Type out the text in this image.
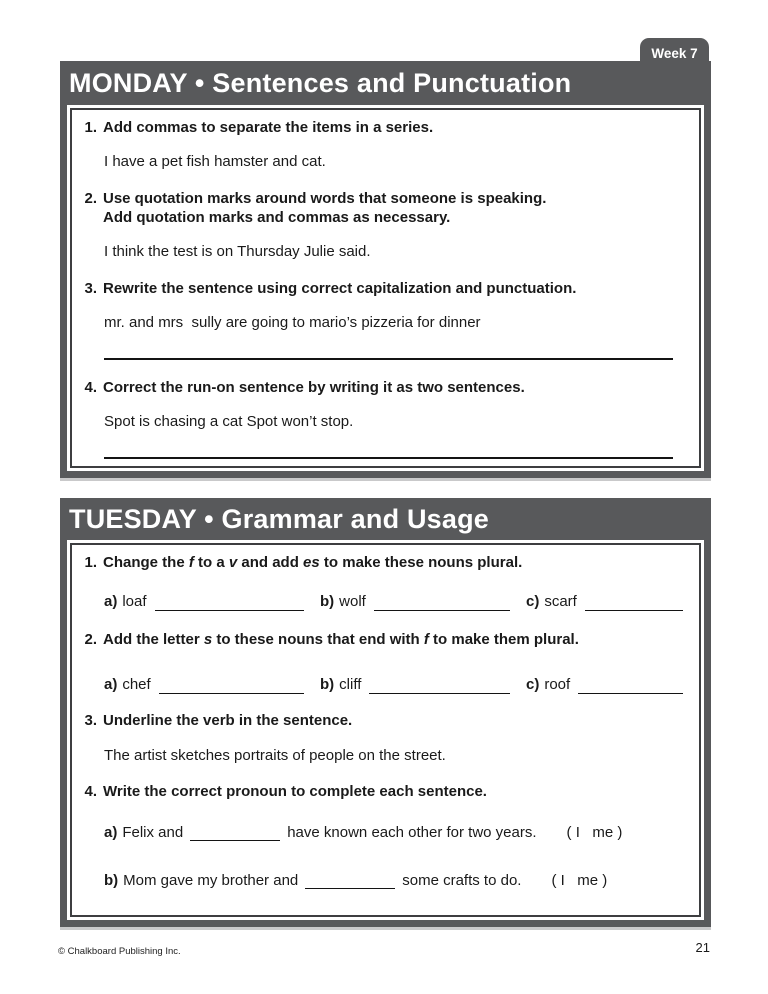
Week 7
MONDAY • Sentences and Punctuation
1. Add commas to separate the items in a series.
I have a pet fish hamster and cat.
2. Use quotation marks around words that someone is speaking.
Add quotation marks and commas as necessary.
I think the test is on Thursday Julie said.
3. Rewrite the sentence using correct capitalization and punctuation.
mr. and mrs  sully are going to mario’s pizzeria for dinner
4. Correct the run-on sentence by writing it as two sentences.
Spot is chasing a cat Spot won’t stop.
TUESDAY • Grammar and Usage
1. Change the f to a v and add es to make these nouns plural.
a) loaf	b) wolf	c) scarf
2. Add the letter s to these nouns that end with f to make them plural.
a) chef	b) cliff	c) roof
3. Underline the verb in the sentence.
The artist sketches portraits of people on the street.
4. Write the correct pronoun to complete each sentence.
a) Felix and	have known each other for two years. ( I   me )
b) Mom gave my brother and	some crafts to do. ( I   me )
© Chalkboard Publishing Inc.	21
